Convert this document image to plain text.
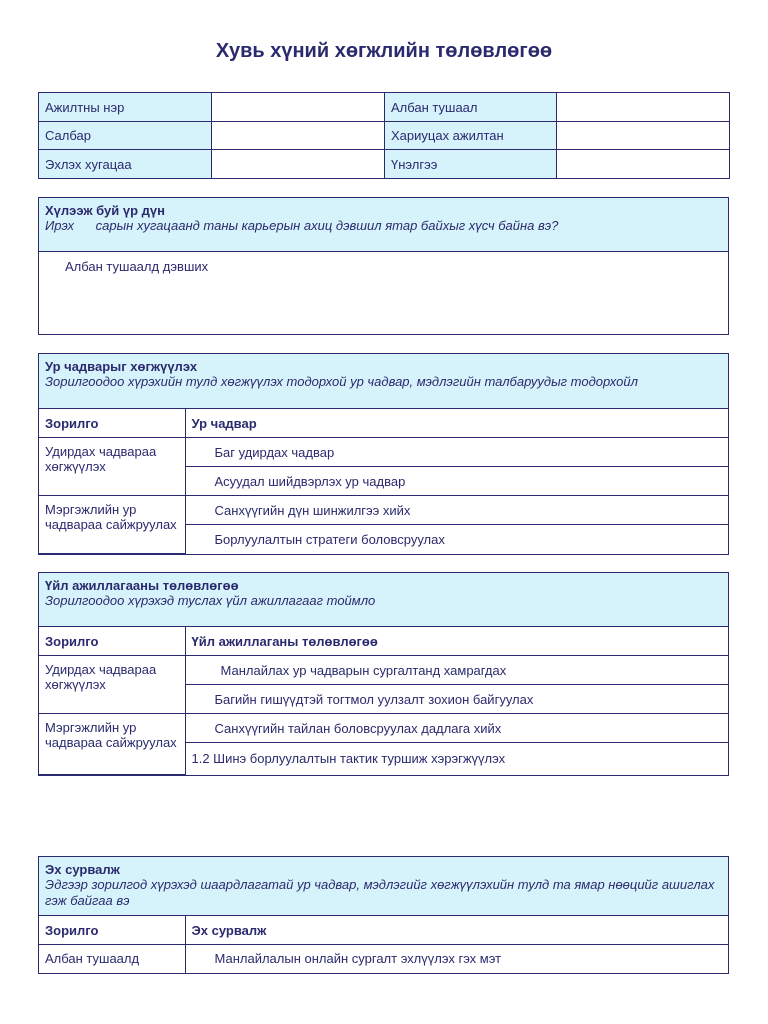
Хувь хүний хөгжлийн төлөвлөгөө
Ажилтны нэр		Албан тушаал	
Салбар		Хариуцах ажилтан	
Эхлэх хугацаа		Үнэлгээ	
Хүлээж буй үр дүн
Ирэх      сарын хугацаанд таны карьерын ахиц дэвшил ятар байхыг хүсч байна вэ?
Албан тушаалд дэвших
Ур чадварыг хөгжүүлэх
Зорилгоодоо хүрэхийн тулд хөгжүүлэх тодорхой ур чадвар, мэдлэгийн талбаруудыг тодорхойл
Зорилго	Ур чадвар
Удирдах чадвараа хөгжүүлэх	Баг удирдах чадвар
	Асуудал шийдвэрлэх ур чадвар
Мэргэжлийн ур чадвараа сайжруулах	Санхүүгийн дүн шинжилгээ хийх
	Борлуулалтын стратеги боловсруулах
Үйл ажиллагааны төлөвлөгөө
Зорилгоодоо хүрэхэд туслах үйл ажиллагааг тоймло
Зорилго	Үйл ажиллаганы төлөвлөгөө
Удирдах чадвараа хөгжүүлэх	Манлайлах ур чадварын сургалтанд хамрагдах
	Багийн гишүүдтэй тогтмол уулзалт зохион байгуулах
Мэргэжлийн ур чадвараа сайжруулах	Санхүүгийн тайлан боловсруулах дадлага хийх
	1.2 Шинэ борлуулалтын тактик туршиж хэрэгжүүлэх
Эх сурвалж
Эдгээр зорилгод хүрэхэд шаардлагатай ур чадвар, мэдлэгийг хөгжүүлэхийн тулд та ямар нөөцийг ашиглах гэж байгаа вэ
Зорилго	Эх сурвалж
Албан тушаалд	Манлайлалын онлайн сургалт эхлүүлэх гэх мэт
